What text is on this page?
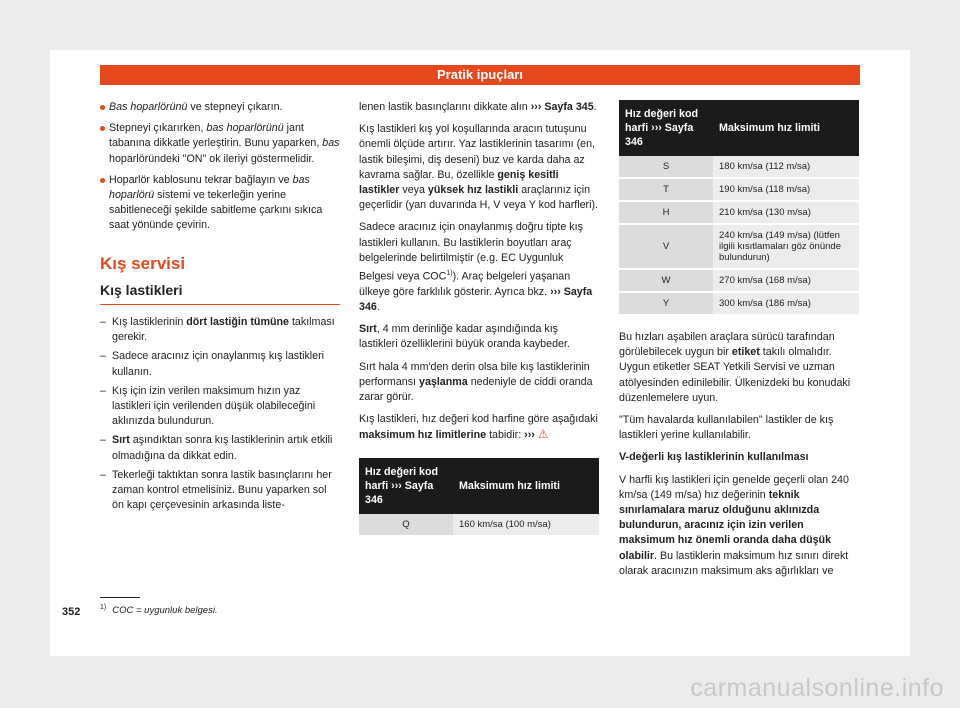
Pratik ipuçları
Bas hoparlörünü ve stepneyi çıkarın.
Stepneyi çıkarırken, bas hoparlörünü jant tabanına dikkatle yerleştirin. Bunu yaparken, bas hoparlöründeki "ON" ok ileriyi göstermelidir.
Hoparlör kablosunu tekrar bağlayın ve bas hoparlörü sistemi ve tekerleğin yerine sabitleneceği şekilde sabitleme çarkını sıkıca saat yönünde çevirin.
Kış servisi
Kış lastikleri
– Kış lastiklerinin dört lastiğin tümüne takılması gerekir.
– Sadece aracınız için onaylanmış kış lastikleri kullanın.
– Kış için izin verilen maksimum hızın yaz lastikleri için verilenden düşük olabileceğini aklınızda bulundurun.
– Sırt aşındıktan sonra kış lastiklerinin artık etkili olmadığına da dikkat edin.
– Tekerleği taktıktan sonra lastik basınçlarını her zaman kontrol etmelisiniz. Bunu yaparken sol ön kapı çerçevesinin arkasında liste-

lenen lastik basınçlarını dikkate alın ››› Sayfa 345.

Kış lastikleri kış yol koşullarında aracın tutuşunu önemli ölçüde artırır. Yaz lastiklerinin tasarımı (en, lastik bileşimi, diş deseni) buz ve karda daha az kavrama sağlar. Bu, özellikle geniş kesitli lastikler veya yüksek hız lastikli araçlarınız için geçerlidir (yan duvarında H, V veya Y kod harfleri).

Sadece aracınız için onaylanmış doğru tipte kış lastikleri kullanın. Bu lastiklerin boyutları araç belgelerinde belirtilmiştir (e.g. EC Uygunluk Belgesi veya COC$^{1)}$). Araç belgeleri yaşanan ülkeye göre farklılık gösterir. Ayrıca bkz. ››› Sayfa 346.

Sırt, 4 mm derinliğe kadar aşındığında kış lastikleri özelliklerini büyük oranda kaybeder.

Sırt hala 4 mm'den derin olsa bile kış lastiklerinin performansı yaşlanma nedeniyle de ciddi oranda zarar görür.

Kış lastikleri, hız değeri kod harfine göre aşağıdaki maksimum hız limitlerine tabidir: ››› ⚠

Hız değeri kod harfi ››› Sayfa 346	Maksimum hız limiti
Q	160 km/sa (100 m/sa)
Hız değeri kod harfi ››› Sayfa 346	Maksimum hız limiti
S	180 km/sa (112 m/sa)
T	190 km/sa (118 m/sa)
H	210 km/sa (130 m/sa)
V	240 km/sa (149 m/sa) (lütfen ilgili kısıtlamaları göz önünde bulundurun)
W	270 km/sa (168 m/sa)
Y	300 km/sa (186 m/sa)

Bu hızları aşabilen araçlara sürücü tarafından görülebilecek uygun bir etiket takılı olmalıdır. Uygun etiketler SEAT Yetkili Servisi ve uzman atölyesinden edinilebilir. Ülkenizdeki bu konudaki düzenlemelere uyun.

"Tüm havalarda kullanılabilen" lastikler de kış lastikleri yerine kullanılabilir.

V-değerli kış lastiklerinin kullanılması

V harfli kış lastikleri için genelde geçerli olan 240 km/sa (149 m/sa) hız değerinin teknik sınırlamalara maruz olduğunu aklınızda bulundurun, aracınız için izin verilen maksimum hız önemli oranda daha düşük olabilir. Bu lastiklerin maksimum hız sınırı direkt olarak aracınızın maksimum aks ağırlıkları ve

$^{1)}$ COC = uygunluk belgesi.
352
carmanualsonline.info
